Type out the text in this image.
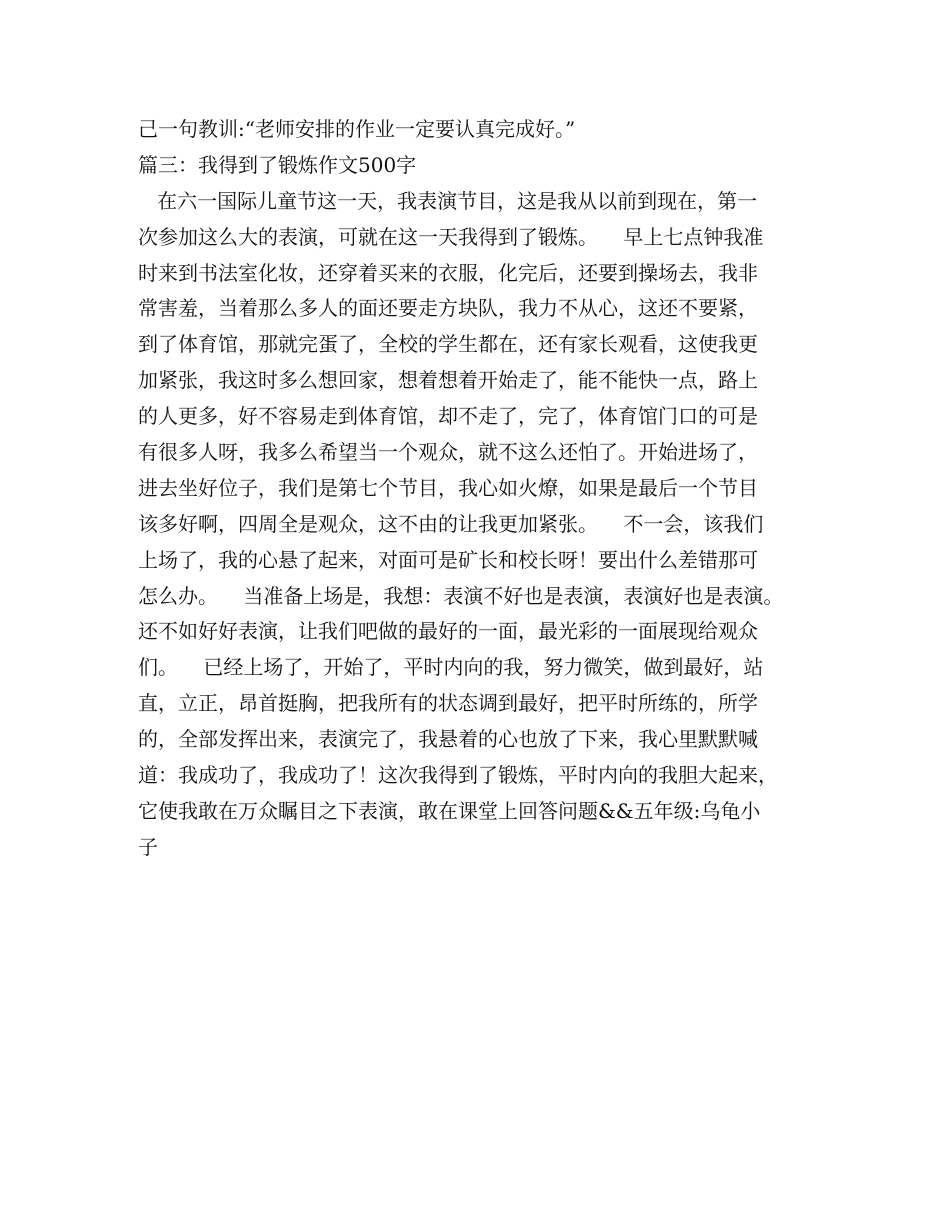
己一句教训:“老师安排的作业一定要认真完成好。”
篇三：我得到了锻炼作文500字
在六一国际儿童节这一天，我表演节目，这是我从以前到现在，第一
次参加这么大的表演，可就在这一天我得到了锻炼。    早上七点钟我准
时来到书法室化妆，还穿着买来的衣服，化完后，还要到操场去，我非
常害羞，当着那么多人的面还要走方块队，我力不从心，这还不要紧，
到了体育馆，那就完蛋了，全校的学生都在，还有家长观看，这使我更
加紧张，我这时多么想回家，想着想着开始走了，能不能快一点，路上
的人更多，好不容易走到体育馆，却不走了，完了，体育馆门口的可是
有很多人呀，我多么希望当一个观众，就不这么还怕了。开始进场了，
进去坐好位子，我们是第七个节目，我心如火燎，如果是最后一个节目
该多好啊，四周全是观众，这不由的让我更加紧张。    不一会，该我们
上场了，我的心悬了起来，对面可是矿长和校长呀！要出什么差错那可
怎么办。    当准备上场是，我想：表演不好也是表演，表演好也是表演。
还不如好好表演，让我们吧做的最好的一面，最光彩的一面展现给观众
们。    已经上场了，开始了，平时内向的我，努力微笑，做到最好，站
直，立正，昂首挺胸，把我所有的状态调到最好，把平时所练的，所学
的，全部发挥出来，表演完了，我悬着的心也放了下来，我心里默默喊
道：我成功了，我成功了！这次我得到了锻炼，平时内向的我胆大起来，
它使我敢在万众瞩目之下表演，敢在课堂上回答问题&&五年级:乌龟小
子
